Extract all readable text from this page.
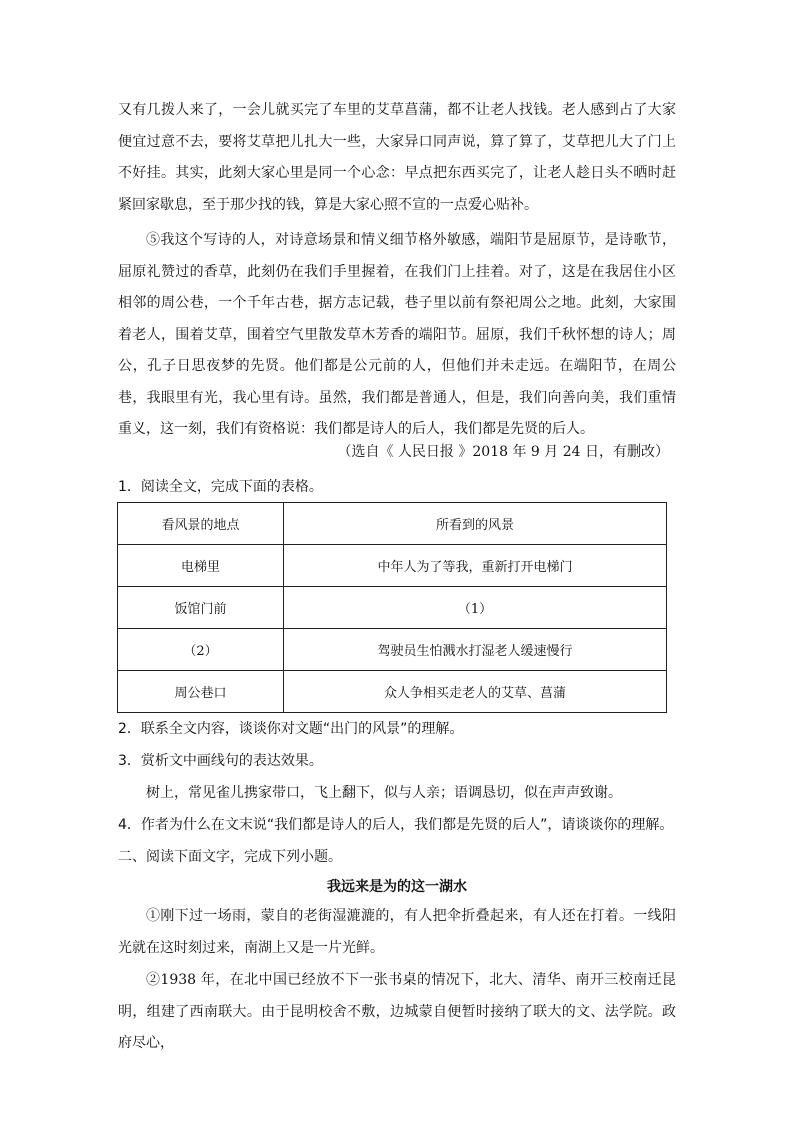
又有几拨人来了，一会儿就买完了车里的艾草菖蒲，都不让老人找钱。老人感到占了大家便宜过意不去，要将艾草把儿扎大一些，大家异口同声说，算了算了，艾草把儿大了门上不好挂。其实，此刻大家心里是同一个心念：早点把东西买完了，让老人趁日头不晒时赶紧回家歇息，至于那少找的钱，算是大家心照不宣的一点爱心贴补。

⑤我这个写诗的人，对诗意场景和情义细节格外敏感，端阳节是屈原节，是诗歌节，屈原礼赞过的香草，此刻仍在我们手里握着，在我们门上挂着。对了，这是在我居住小区相邻的周公巷，一个千年古巷，据方志记载，巷子里以前有祭祀周公之地。此刻，大家围着老人，围着艾草，围着空气里散发草木芳香的端阳节。屈原，我们千秋怀想的诗人；周公，孔子日思夜梦的先贤。他们都是公元前的人，但他们并未走远。在端阳节，在周公巷，我眼里有光，我心里有诗。虽然，我们都是普通人，但是，我们向善向美，我们重情重义，这一刻，我们有资格说：我们都是诗人的后人，我们都是先贤的后人。

（选自《 人民日报 》2018 年 9 月 24 日，有删改）

1．阅读全文，完成下面的表格。

看风景的地点	所看到的风景
电梯里	中年人为了等我，重新打开电梯门
饭馆门前	（1）
（2）	驾驶员生怕溅水打湿老人缓速慢行
周公巷口	众人争相买走老人的艾草、菖蒲

2．联系全文内容，谈谈你对文题“出门的风景”的理解。

3．赏析文中画线句的表达效果。

树上，常见雀儿携家带口，飞上翻下，似与人亲；语调恳切，似在声声致谢。

4．作者为什么在文末说“我们都是诗人的后人，我们都是先贤的后人”，请谈谈你的理解。

二、阅读下面文字，完成下列小题。

我远来是为的这一湖水

①刚下过一场雨，蒙自的老街湿漉漉的，有人把伞折叠起来，有人还在打着。一线阳光就在这时刻过来，南湖上又是一片光鲜。

②1938 年，在北中国已经放不下一张书桌的情况下，北大、清华、南开三校南迁昆明，组建了西南联大。由于昆明校舍不敷，边城蒙自便暂时接纳了联大的文、法学院。政府尽心，
